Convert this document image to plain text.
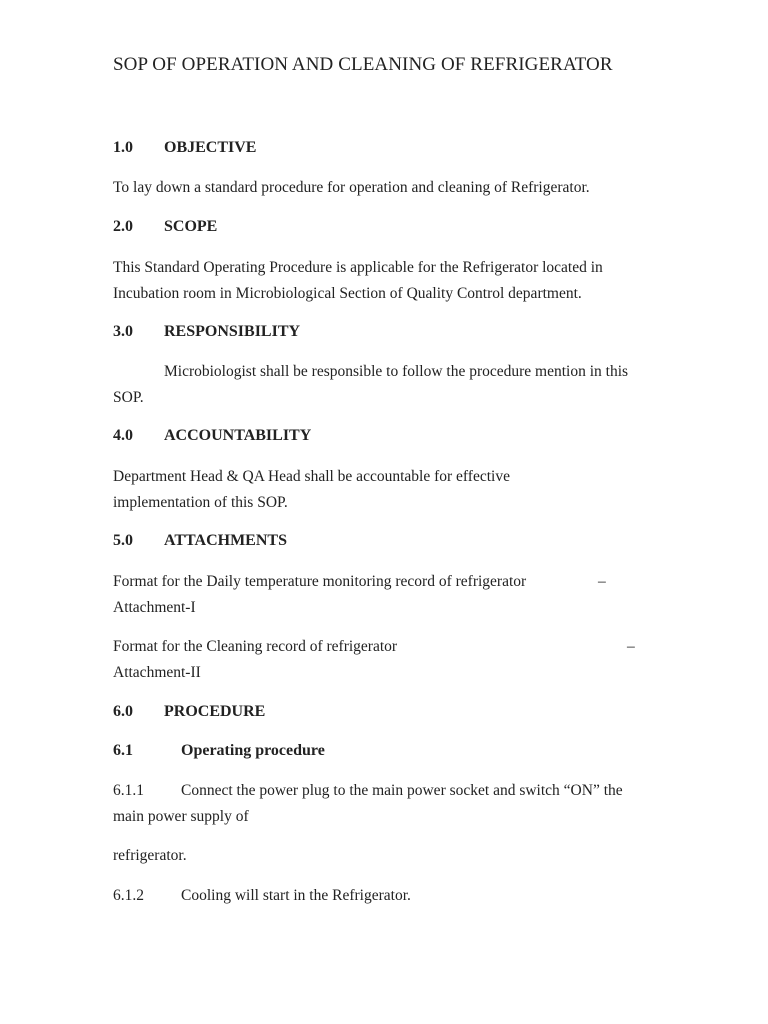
SOP OF OPERATION AND CLEANING OF REFRIGERATOR
1.0 OBJECTIVE
To lay down a standard procedure for operation and cleaning of Refrigerator.
2.0 SCOPE
This Standard Operating Procedure is applicable for the Refrigerator located in Incubation room in Microbiological Section of Quality Control department.
3.0 RESPONSIBILITY
Microbiologist shall be responsible to follow the procedure mention in this SOP.
4.0 ACCOUNTABILITY
Department Head & QA Head shall be accountable for effective implementation of this SOP.
5.0 ATTACHMENTS
Format for the Daily temperature monitoring record of refrigerator	–
Attachment-I
Format for the Cleaning record of refrigerator	–
Attachment-II
6.0 PROCEDURE
6.1	Operating procedure
6.1.1 Connect the power plug to the main power socket and switch “ON” the main power supply of
refrigerator.
6.1.2 Cooling will start in the Refrigerator.
